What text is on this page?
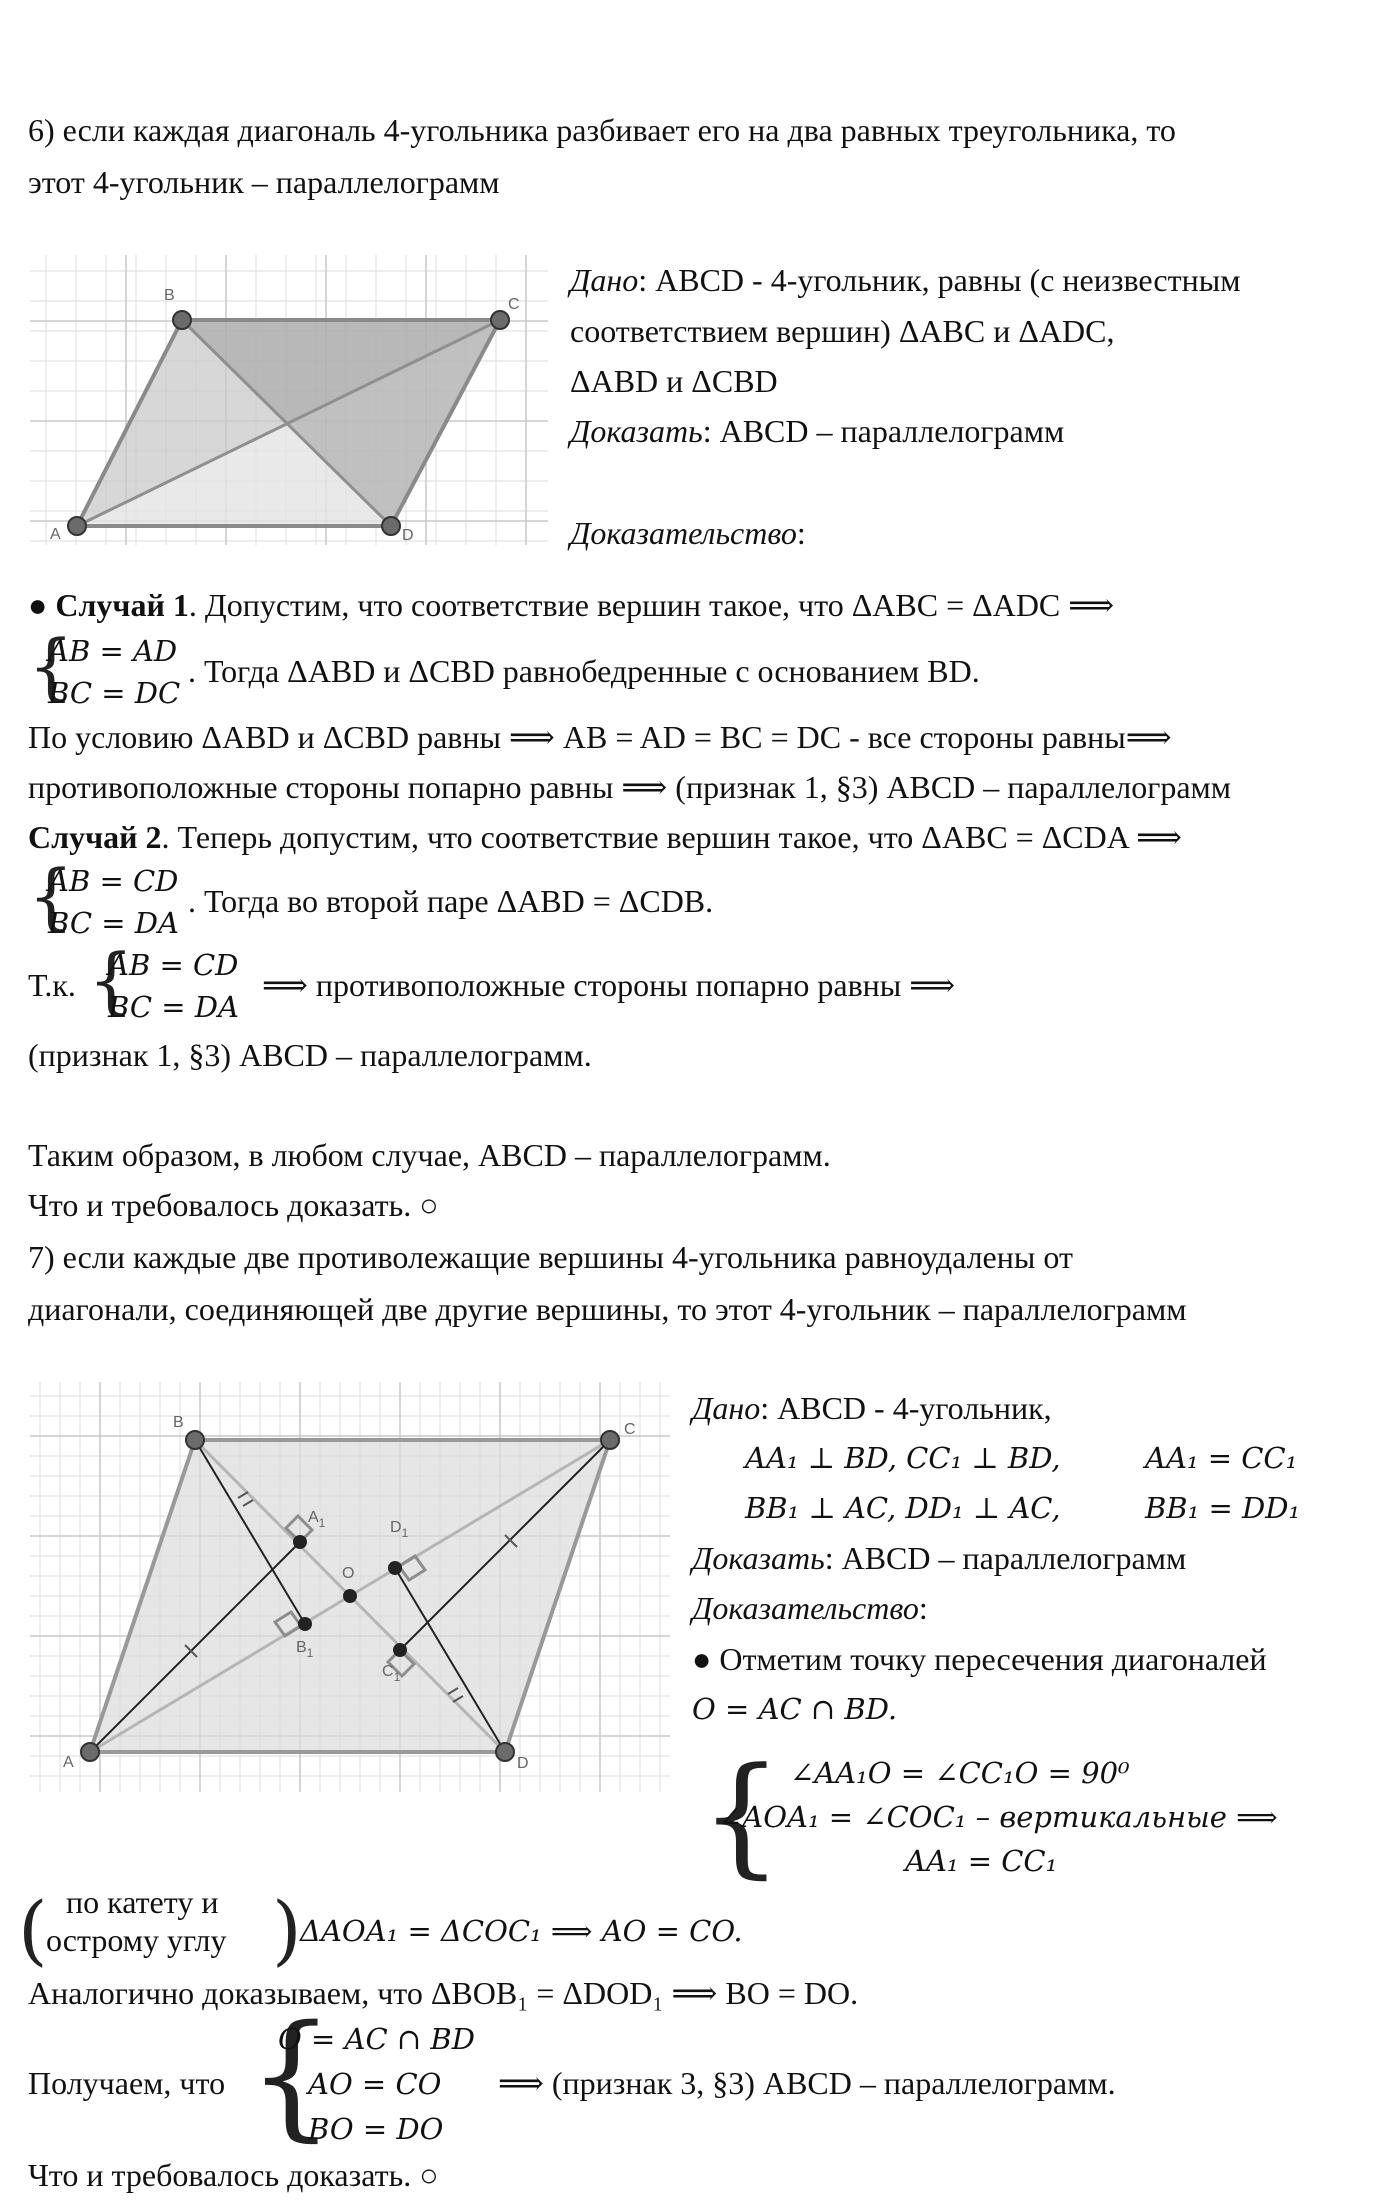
6) если каждая диагональ 4-угольника разбивает его на два равных треугольника, то
этот 4-угольник – параллелограмм
A
B
C
D
Дано: ABCD - 4-угольник, равны (с неизвестным
соответствием вершин) ΔABC и ΔADC,
ΔABD и ΔCBD
Доказать: ABCD – параллелограмм
Доказательство:
● Случай 1. Допустим, что соответствие вершин такое, что ΔABC = ΔADC ⟹
{
AB = AD
BC = DC
. Тогда ΔABD и ΔCBD равнобедренные с основанием BD.
По условию ΔABD и ΔCBD равны ⟹ AB = AD = BC = DC - все стороны равны⟹
противоположные стороны попарно равны ⟹ (признак 1, §3) ABCD – параллелограмм
Случай 2. Теперь допустим, что соответствие вершин такое, что ΔABC = ΔCDA ⟹
{
AB = CD
BC = DA
. Тогда во второй паре ΔABD = ΔCDB.
Т.к. {
AB = CD
BC = DA
⟹ противоположные стороны попарно равны ⟹
(признак 1, §3) ABCD – параллелограмм.
Таким образом, в любом случае, ABCD – параллелограмм.
Что и требовалось доказать. ○
7) если каждые две противолежащие вершины 4-угольника равноудалены от
диагонали, соединяющей две другие вершины, то этот 4-угольник – параллелограмм
A
B	C
D
$A_1$
$B_1$
$C_1$
$D_1$
O
Дано: ABCD - 4-угольник,
AA₁ ⊥ BD, CC₁ ⊥ BD,	AA₁ = CC₁
BB₁ ⊥ AC, DD₁ ⊥ AC,	BB₁ = DD₁
Доказать: ABCD – параллелограмм
Доказательство:
● Отметим точку пересечения диагоналей
O = AC ∩ BD.
{ ∠AA₁O = ∠CC₁O = 90⁰
∠AOA₁ = ∠COC₁ – вертикальные ⟹
AA₁ = CC₁
( по катету и
острому углу )
ΔAOA₁ = ΔCOC₁ ⟹ AO = CO.
Аналогично доказываем, что ΔBOB₁ = ΔDOD₁ ⟹ BO = DO.
Получаем, что {
O = AC ∩ BD
AO = CO
BO = DO
⟹ (признак 3, §3) ABCD – параллелограмм.
Что и требовалось доказать. ○
